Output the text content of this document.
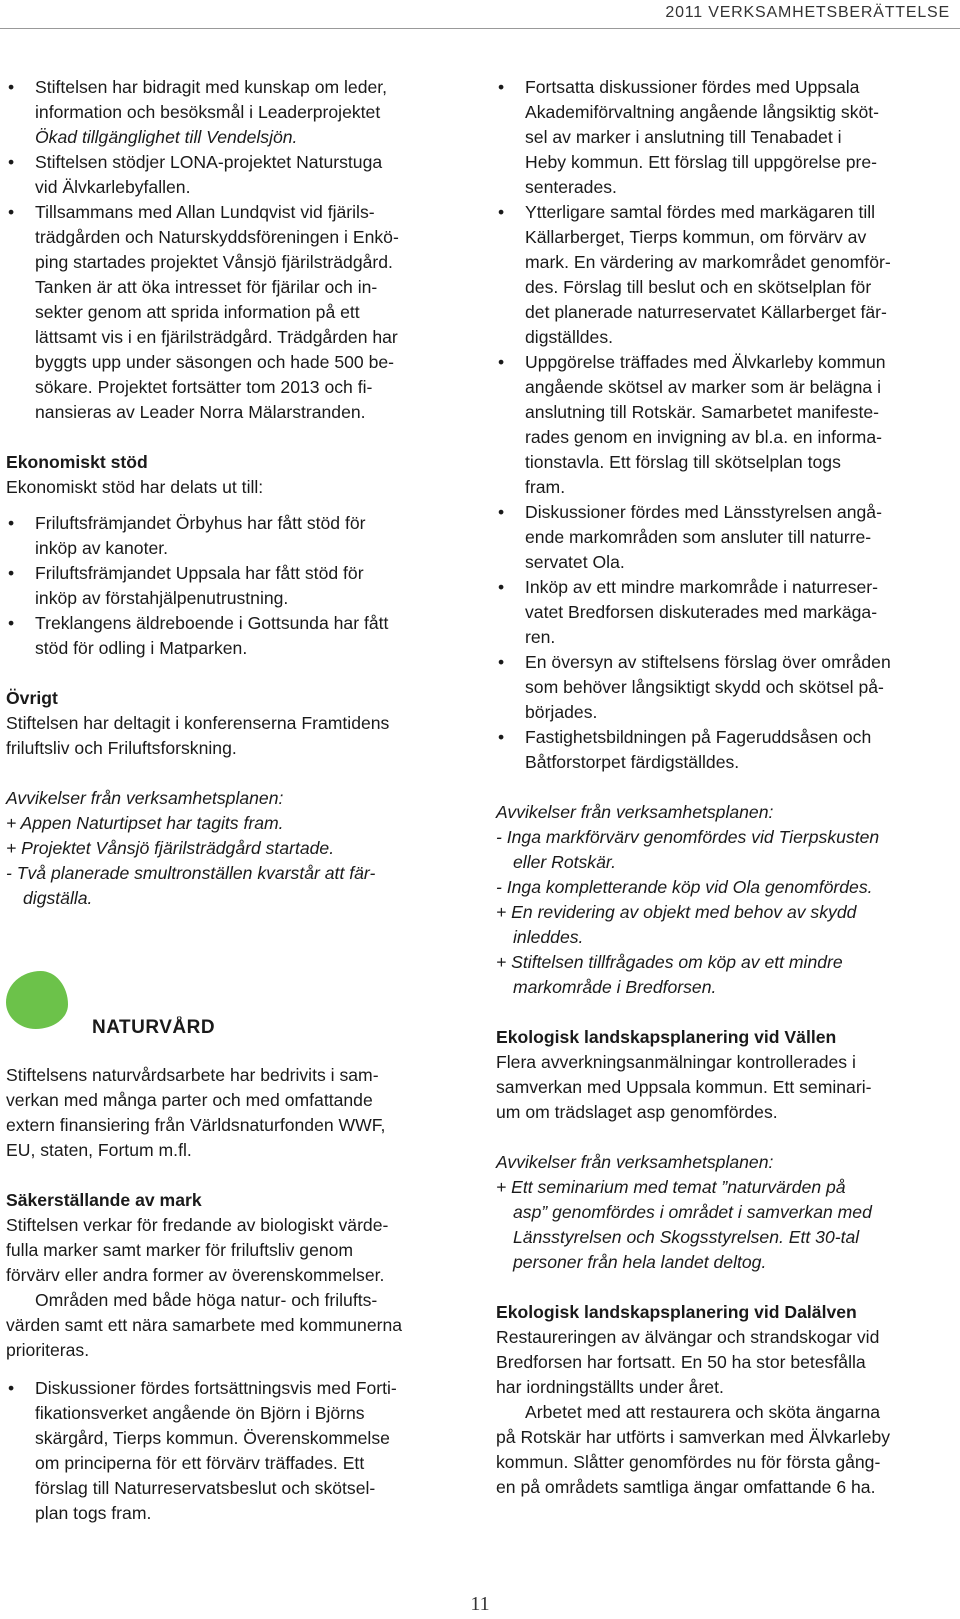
2011 VERKSAMHETSBERÄTTELSE
• Stiftelsen har bidragit med kunskap om leder,
information och besöksmål i Leaderprojektet
Ökad tillgänglighet till Vendelsjön.
• Stiftelsen stödjer LONA-projektet Naturstuga
vid Älvkarlebyfallen.
• Tillsammans med Allan Lundqvist vid fjärils-
trädgården och Naturskyddsföreningen i Enkö-
ping startades projektet Vånsjö fjärilsträdgård.
Tanken är att öka intresset för fjärilar och in-
sekter genom att sprida information på ett
lättsamt vis i en fjärilsträdgård. Trädgården har
byggts upp under säsongen och hade 500 be-
sökare. Projektet fortsätter tom 2013 och fi-
nansieras av Leader Norra Mälarstranden.
Ekonomiskt stöd
Ekonomiskt stöd har delats ut till:
• Friluftsfrämjandet Örbyhus har fått stöd för
inköp av kanoter.
• Friluftsfrämjandet Uppsala har fått stöd för
inköp av förstahjälpenutrustning.
• Treklangens äldreboende i Gottsunda har fått
stöd för odling i Matparken.
Övrigt
Stiftelsen har deltagit i konferenserna Framtidens
friluftsliv och Friluftsforskning.
Avvikelser från verksamhetsplanen:
+ Appen Naturtipset har tagits fram.
+ Projektet Vånsjö fjärilsträdgård startade.
- Två planerade smultronställen kvarstår att fär-
digställa.
NATURVÅRD
Stiftelsens naturvårdsarbete har bedrivits i sam-
verkan med många parter och med omfattande
extern finansiering från Världsnaturfonden WWF,
EU, staten, Fortum m.fl.
Säkerställande av mark
Stiftelsen verkar för fredande av biologiskt värde-
fulla marker samt marker för friluftsliv genom
förvärv eller andra former av överenskommelser.
Områden med både höga natur- och frilufts-
värden samt ett nära samarbete med kommunerna
prioriteras.
• Diskussioner fördes fortsättningsvis med Forti-
fikationsverket angående ön Björn i Björns
skärgård, Tierps kommun. Överenskommelse
om principerna för ett förvärv träffades. Ett
förslag till Naturreservatsbeslut och skötsel-
plan togs fram.
• Fortsatta diskussioner fördes med Uppsala
Akademiförvaltning angående långsiktig sköt-
sel av marker i anslutning till Tenabadet i
Heby kommun. Ett förslag till uppgörelse pre-
senterades.
• Ytterligare samtal fördes med markägaren till
Källarberget, Tierps kommun, om förvärv av
mark. En värdering av markområdet genomför-
des. Förslag till beslut och en skötselplan för
det planerade naturreservatet Källarberget fär-
digställdes.
• Uppgörelse träffades med Älvkarleby kommun
angående skötsel av marker som är belägna i
anslutning till Rotskär. Samarbetet manifeste-
rades genom en invigning av bl.a. en informa-
tionstavla. Ett förslag till skötselplan togs
fram.
• Diskussioner fördes med Länsstyrelsen angå-
ende markområden som ansluter till naturre-
servatet Ola.
• Inköp av ett mindre markområde i naturreser-
vatet Bredforsen diskuterades med markäga-
ren.
• En översyn av stiftelsens förslag över områden
som behöver långsiktigt skydd och skötsel på-
börjades.
• Fastighetsbildningen på Fageruddsåsen och
Båtforstorpet färdigställdes.
Avvikelser från verksamhetsplanen:
- Inga markförvärv genomfördes vid Tierpskusten
eller Rotskär.
- Inga kompletterande köp vid Ola genomfördes.
+ En revidering av objekt med behov av skydd
inleddes.
+ Stiftelsen tillfrågades om köp av ett mindre
markområde i Bredforsen.
Ekologisk landskapsplanering vid Vällen
Flera avverkningsanmälningar kontrollerades i
samverkan med Uppsala kommun. Ett seminari-
um om trädslaget asp genomfördes.
Avvikelser från verksamhetsplanen:
+ Ett seminarium med temat ”naturvärden på
asp” genomfördes i området i samverkan med
Länsstyrelsen och Skogsstyrelsen. Ett 30-tal
personer från hela landet deltog.
Ekologisk landskapsplanering vid Dalälven
Restaureringen av älvängar och strandskogar vid
Bredforsen har fortsatt. En 50 ha stor betesfålla
har iordningställts under året.
Arbetet med att restaurera och sköta ängarna
på Rotskär har utförts i samverkan med Älvkarleby
kommun. Slåtter genomfördes nu för första gång-
en på områdets samtliga ängar omfattande 6 ha.
11
